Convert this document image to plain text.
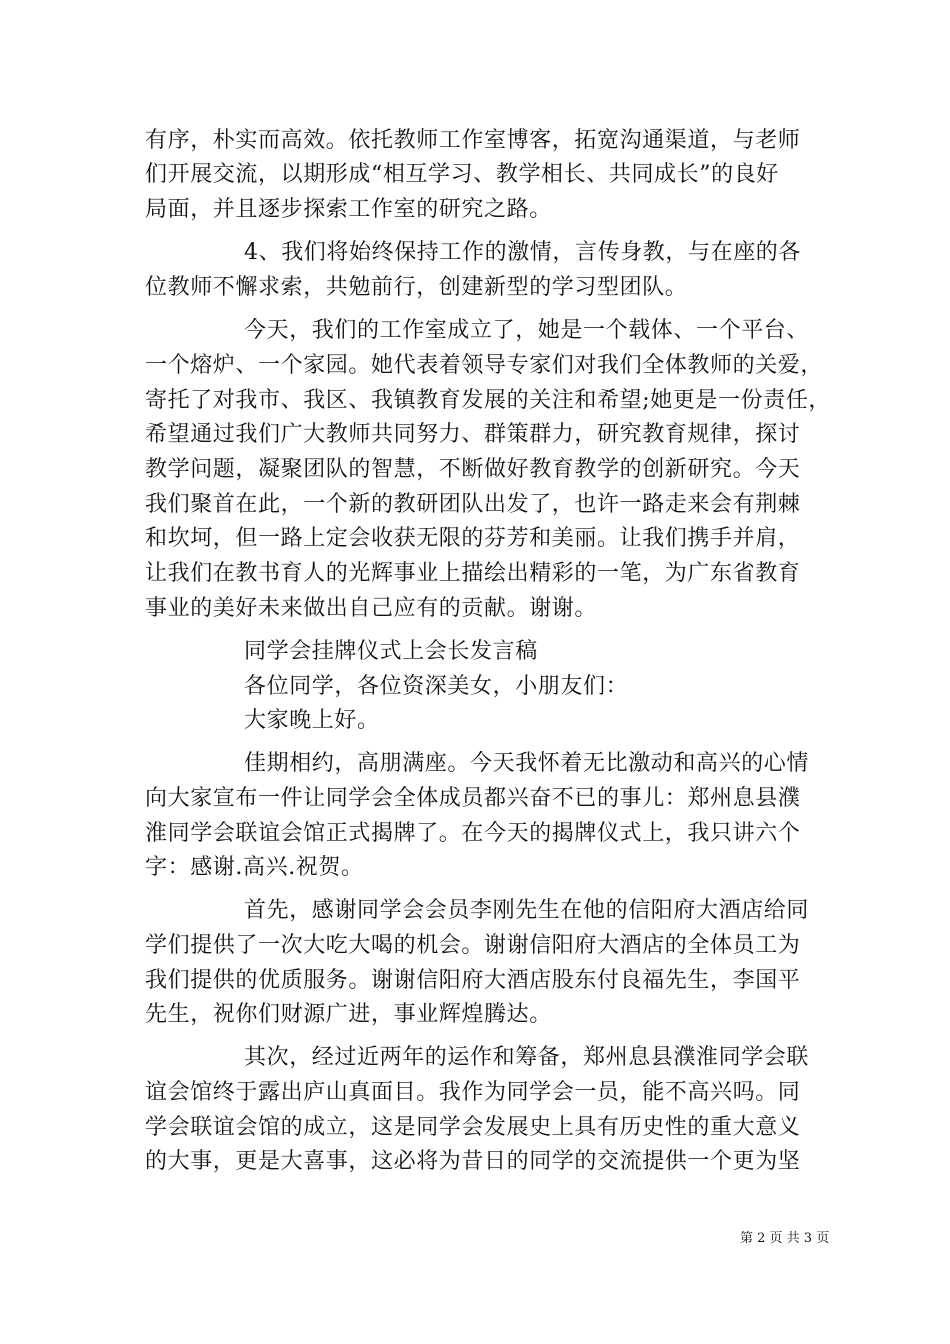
有序，朴实而高效。依托教师工作室博客，拓宽沟通渠道，与老师
们开展交流，以期形成“相互学习、教学相长、共同成长”的良好
局面，并且逐步探索工作室的研究之路。
4、我们将始终保持工作的激情，言传身教，与在座的各
位教师不懈求索，共勉前行，创建新型的学习型团队。
今天，我们的工作室成立了，她是一个载体、一个平台、
一个熔炉、一个家园。她代表着领导专家们对我们全体教师的关爱，
寄托了对我市、我区、我镇教育发展的关注和希望;她更是一份责任，
希望通过我们广大教师共同努力、群策群力，研究教育规律，探讨
教学问题，凝聚团队的智慧，不断做好教育教学的创新研究。今天
我们聚首在此，一个新的教研团队出发了，也许一路走来会有荆棘
和坎坷，但一路上定会收获无限的芬芳和美丽。让我们携手并肩，
让我们在教书育人的光辉事业上描绘出精彩的一笔，为广东省教育
事业的美好未来做出自己应有的贡献。谢谢。
同学会挂牌仪式上会长发言稿
各位同学，各位资深美女，小朋友们：
大家晚上好。
佳期相约，高朋满座。今天我怀着无比激动和高兴的心情
向大家宣布一件让同学会全体成员都兴奋不已的事儿：郑州息县濮
淮同学会联谊会馆正式揭牌了。在今天的揭牌仪式上，我只讲六个
字：感谢.高兴.祝贺。
首先，感谢同学会会员李刚先生在他的信阳府大酒店给同
学们提供了一次大吃大喝的机会。谢谢信阳府大酒店的全体员工为
我们提供的优质服务。谢谢信阳府大酒店股东付良福先生，李国平
先生，祝你们财源广进，事业辉煌腾达。
其次，经过近两年的运作和筹备，郑州息县濮淮同学会联
谊会馆终于露出庐山真面目。我作为同学会一员，能不高兴吗。同
学会联谊会馆的成立，这是同学会发展史上具有历史性的重大意义
的大事，更是大喜事，这必将为昔日的同学的交流提供一个更为坚
第 2 页 共 3 页
